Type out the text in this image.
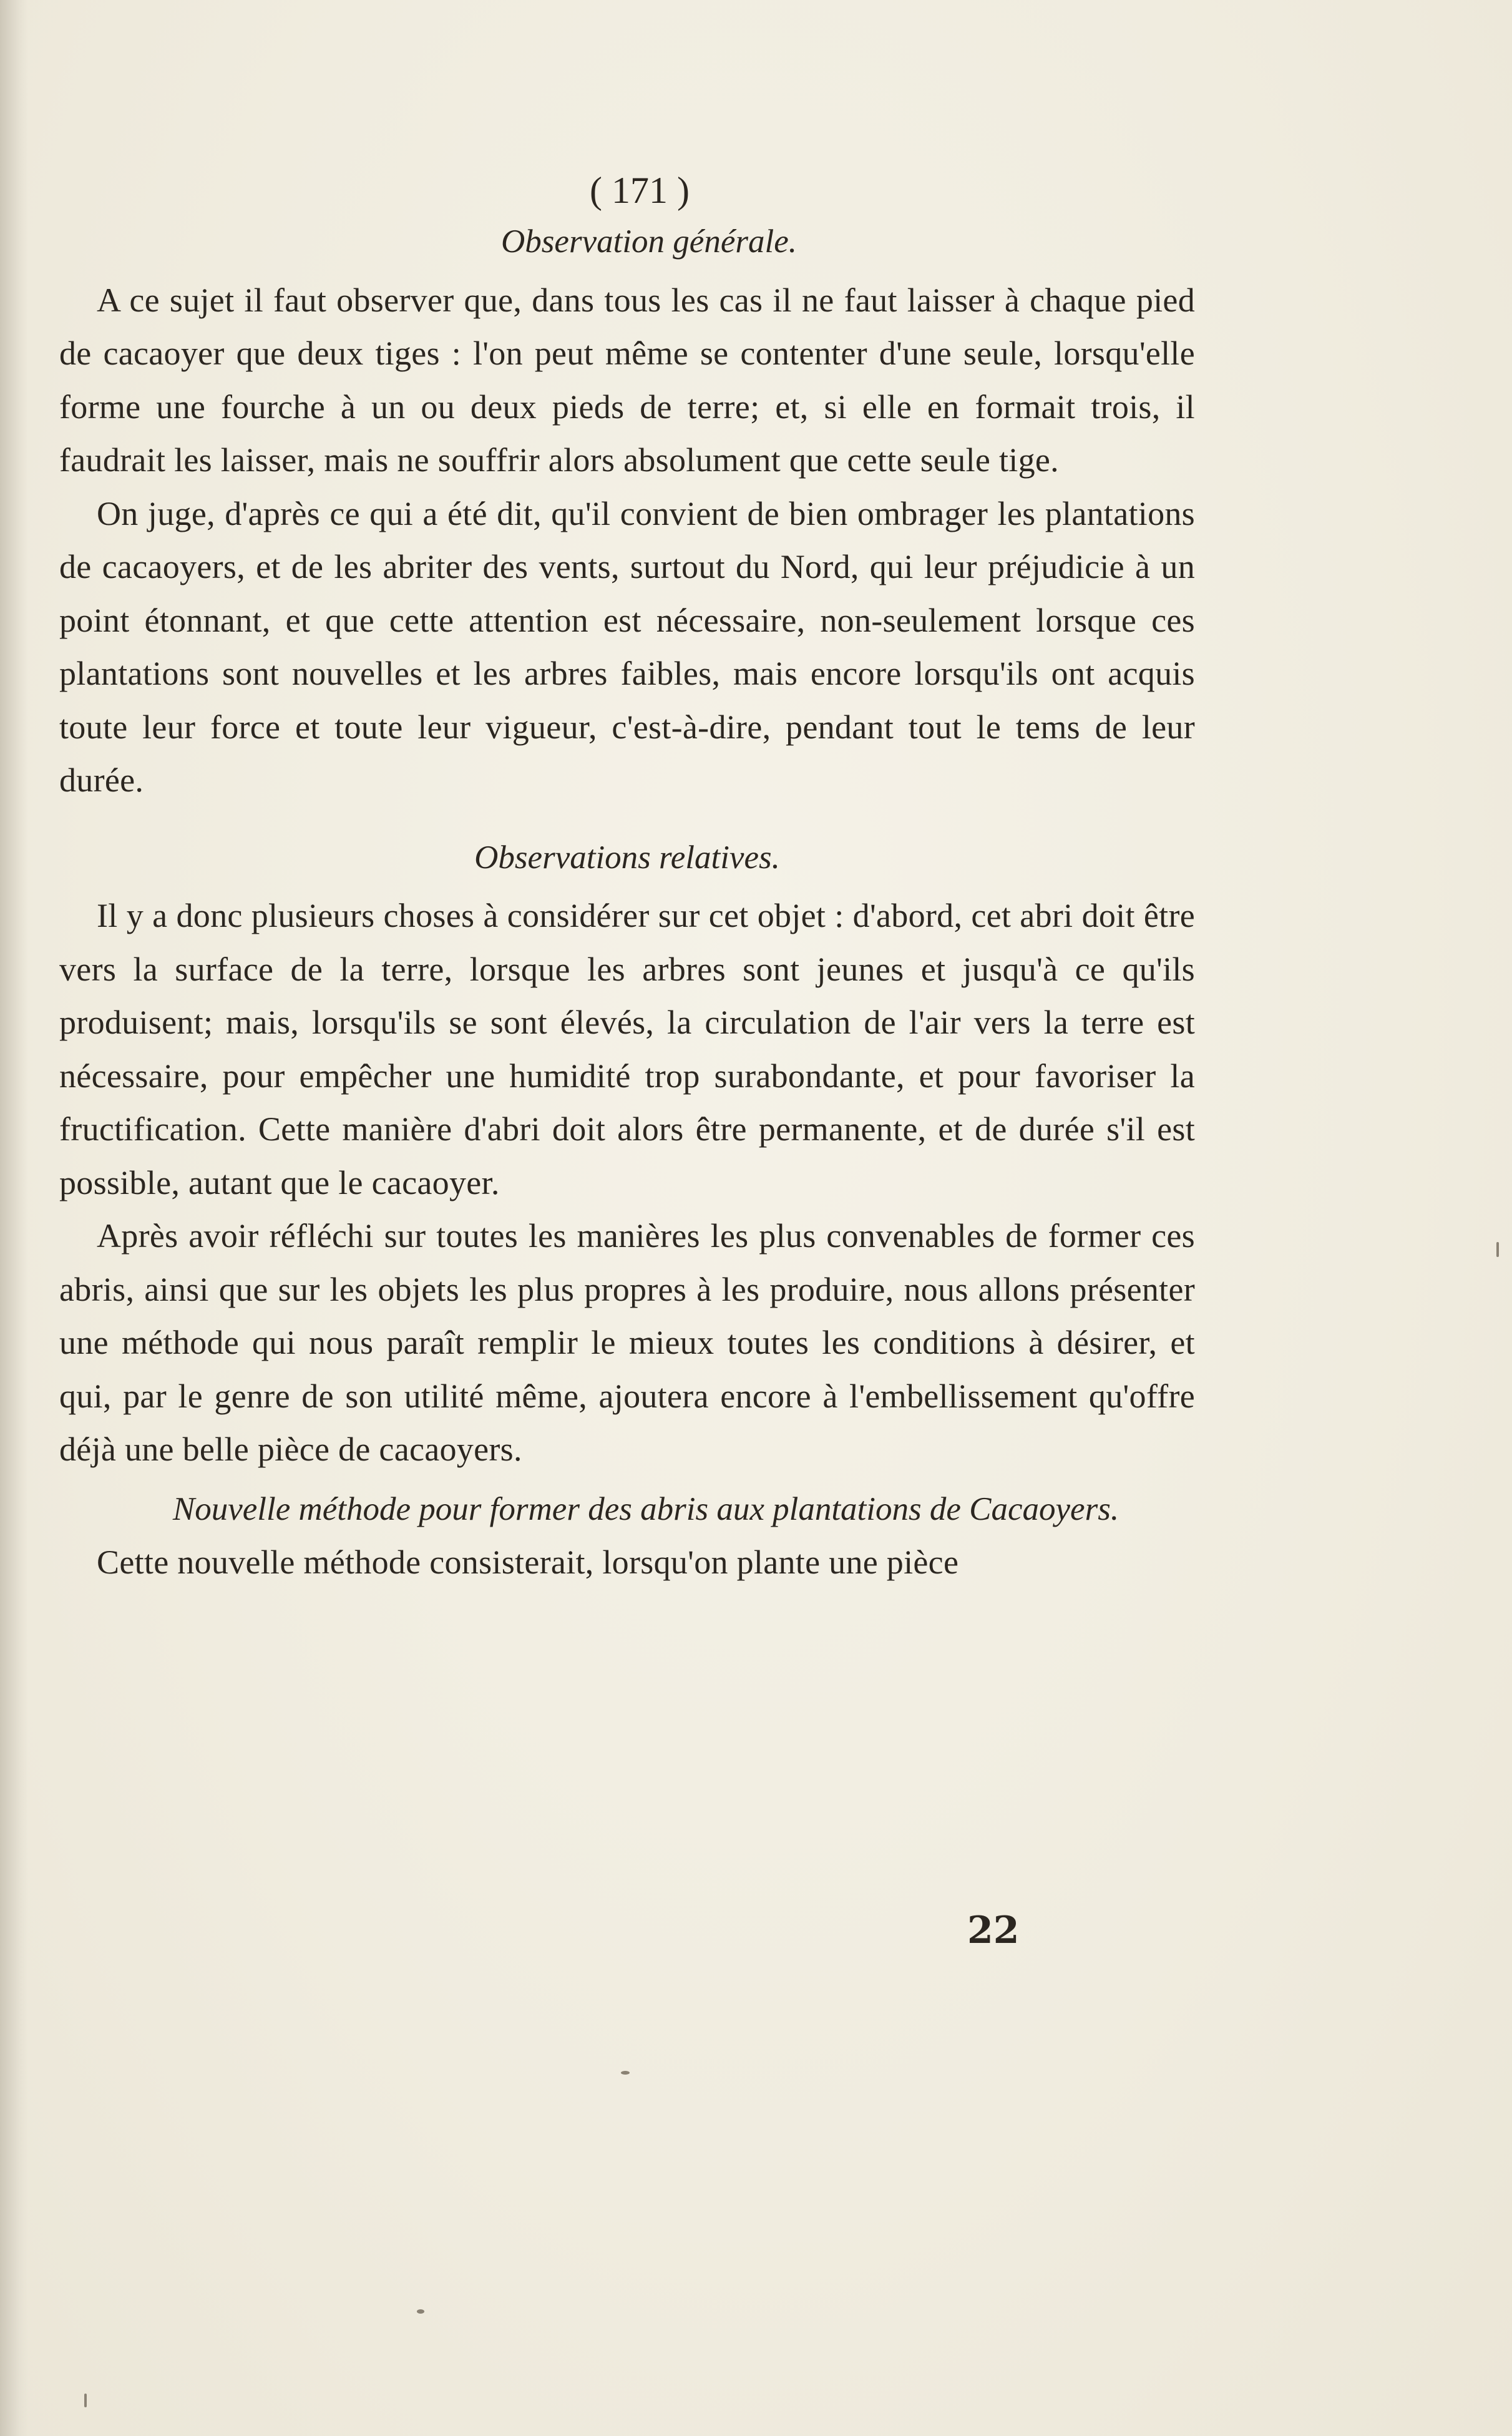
( 171 )
Observation générale.

A ce sujet il faut observer que, dans tous les cas il ne faut laisser à chaque pied de cacaoyer que deux tiges : l'on peut même se contenter d'une seule, lorsqu'elle forme une fourche à un ou deux pieds de terre; et, si elle en formait trois, il faudrait les laisser, mais ne souffrir alors absolument que cette seule tige.

On juge, d'après ce qui a été dit, qu'il convient de bien ombrager les plantations de cacaoyers, et de les abriter des vents, surtout du Nord, qui leur préjudicie à un point étonnant, et que cette attention est nécessaire, non-seulement lorsque ces plantations sont nouvelles et les arbres faibles, mais encore lorsqu'ils ont acquis toute leur force et toute leur vigueur, c'est-à-dire, pendant tout le tems de leur durée.

Observations relatives.

Il y a donc plusieurs choses à considérer sur cet objet : d'abord, cet abri doit être vers la surface de la terre, lorsque les arbres sont jeunes et jusqu'à ce qu'ils produisent; mais, lorsqu'ils se sont élevés, la circulation de l'air vers la terre est nécessaire, pour empêcher une humidité trop surabondante, et pour favoriser la fructification. Cette manière d'abri doit alors être permanente, et de durée s'il est possible, autant que le cacaoyer.

Après avoir réfléchi sur toutes les manières les plus convenables de former ces abris, ainsi que sur les objets les plus propres à les produire, nous allons présenter une méthode qui nous paraît remplir le mieux toutes les conditions à désirer, et qui, par le genre de son utilité même, ajoutera encore à l'embellissement qu'offre déjà une belle pièce de cacaoyers.

Nouvelle méthode pour former des abris aux plantations de Cacaoyers.

Cette nouvelle méthode consisterait, lorsqu'on plante une pièce

22
